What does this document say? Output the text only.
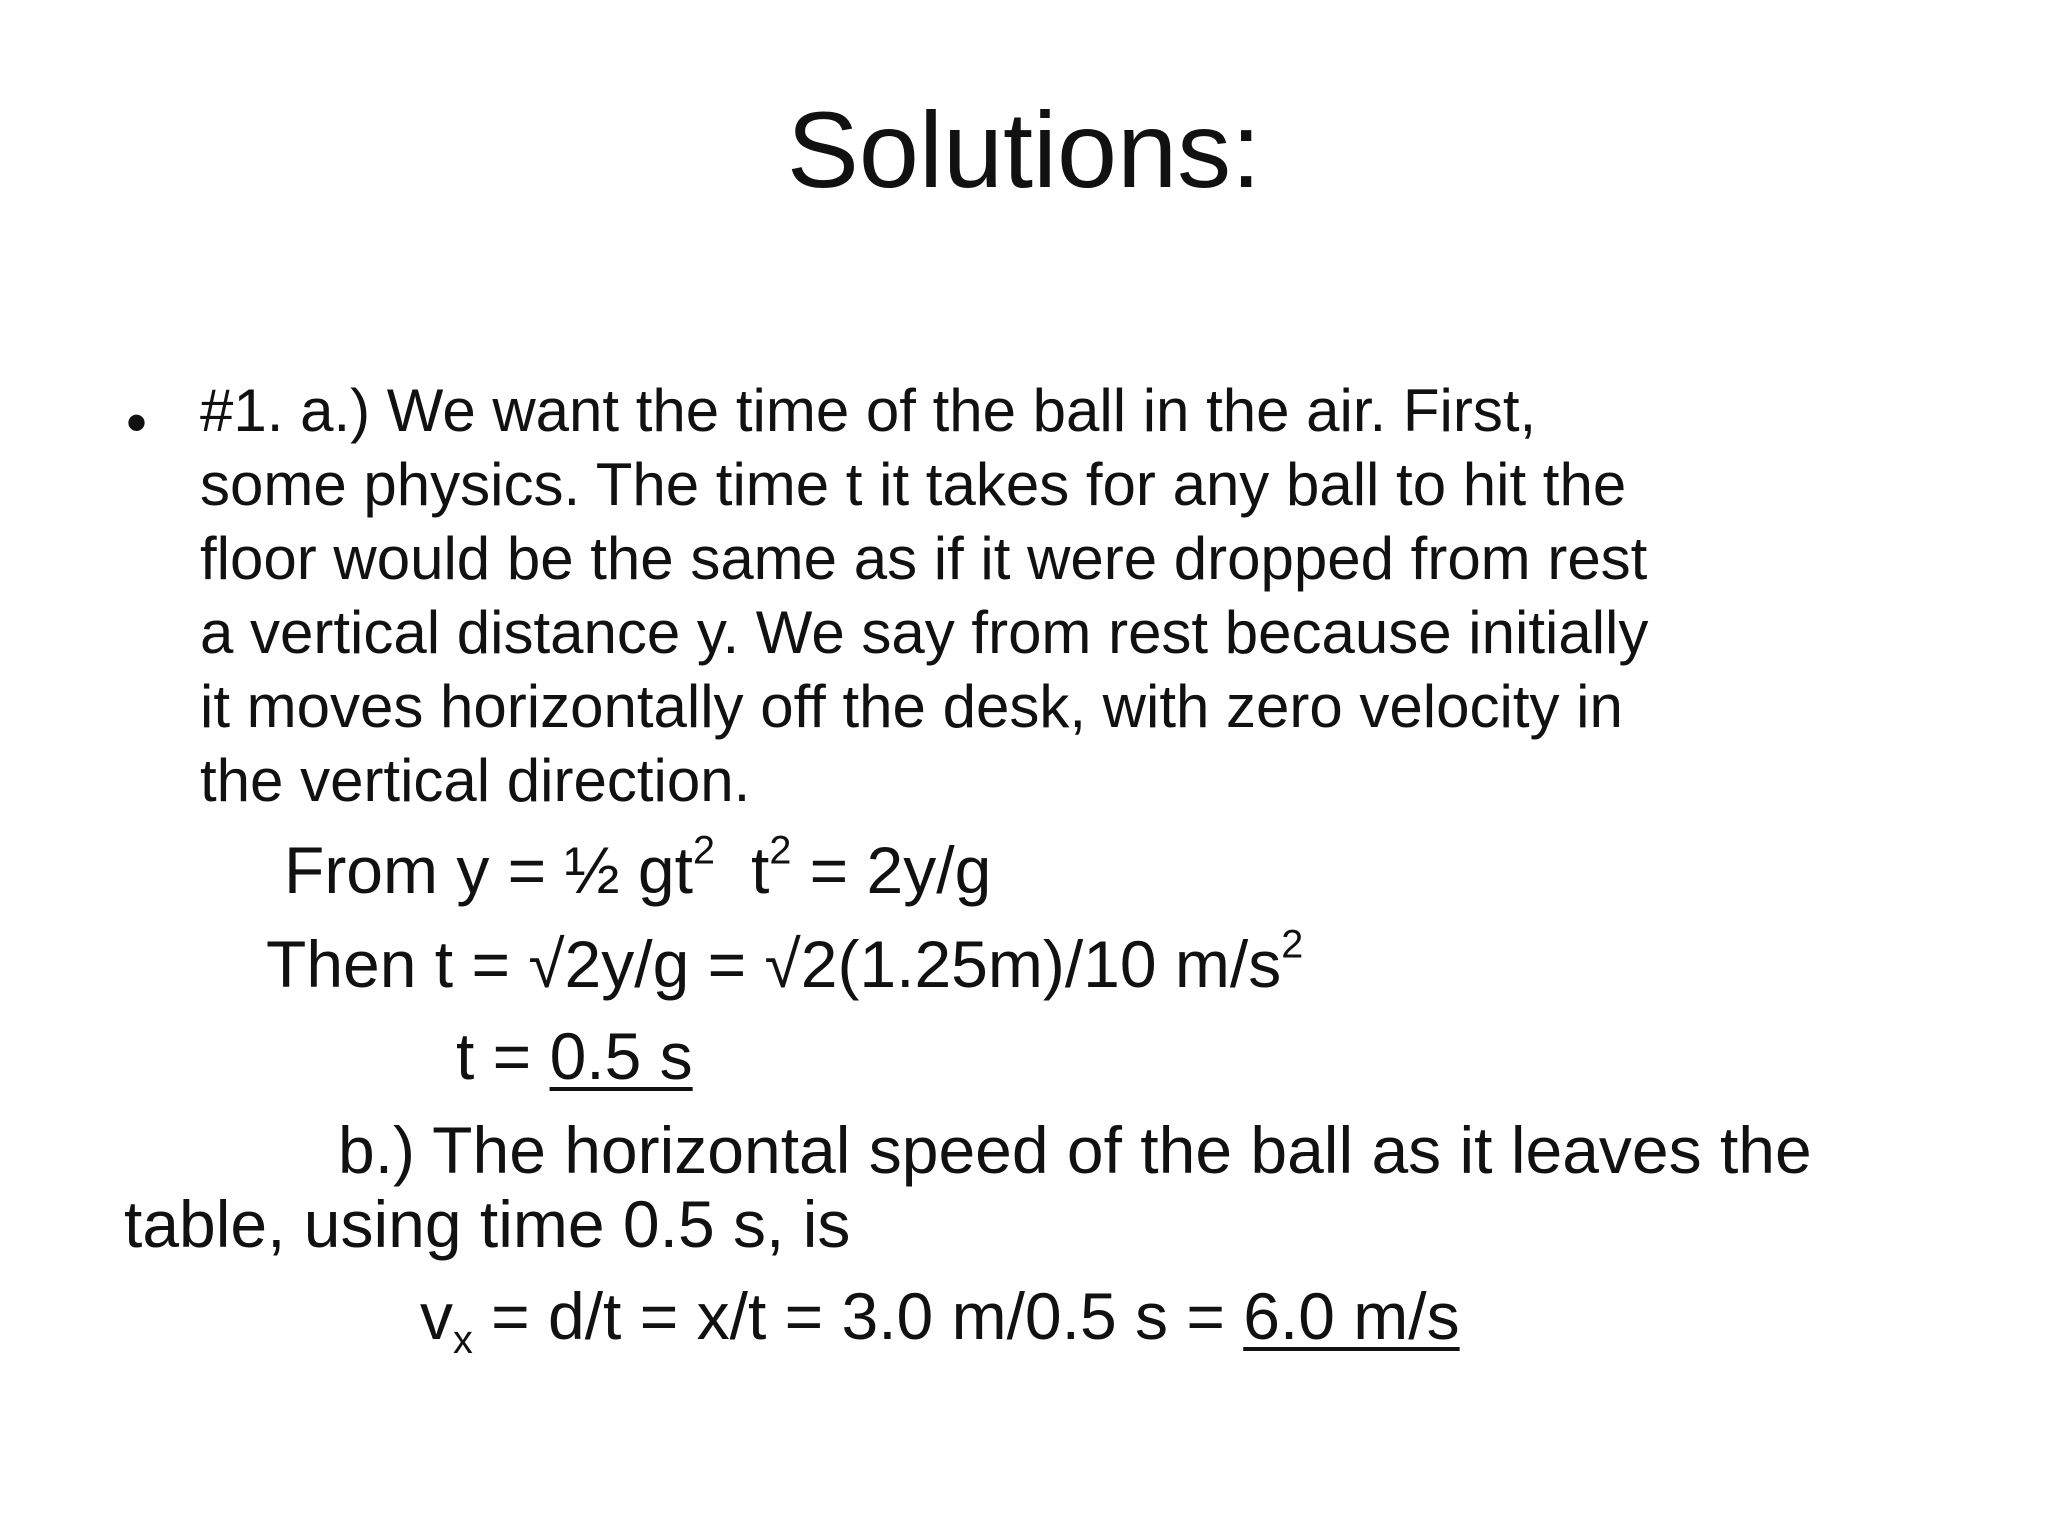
Solutions:
• #1. a.) We want the time of the ball in the air. First,
some physics. The time t it takes for any ball to hit the
floor would be the same as if it were dropped from rest
a vertical distance y. We say from rest because initially
it moves horizontally off the desk, with zero velocity in
the vertical direction.
From y = ½ $gt^2$ $t^2 = 2y/g$
Then t = √2y/g = √2(1.25m)/10 $m/s^2$
t = 0.5 s
b.) The horizontal speed of the ball as it leaves the
table, using time 0.5 s, is
$v_x = d/t = x/t = 3.0$ m/0.5 s = 6.0 m/s
